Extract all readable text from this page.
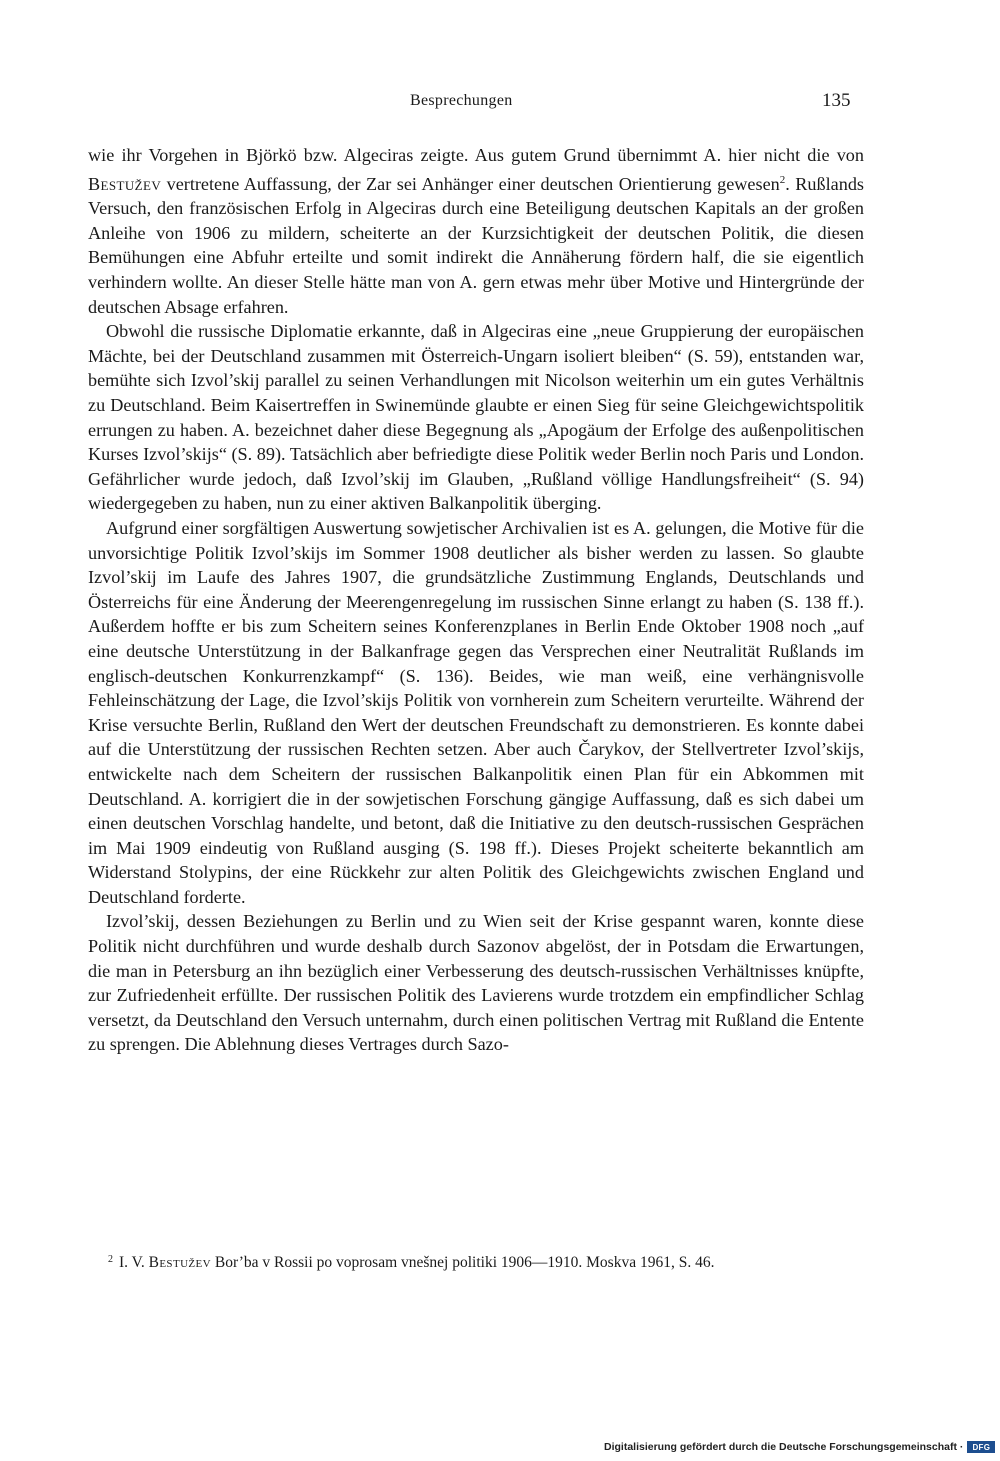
Besprechungen	135

wie ihr Vorgehen in Björkö bzw. Algeciras zeigte. Aus gutem Grund übernimmt A. hier nicht die von Bestužev vertretene Auffassung, der Zar sei Anhänger einer deutschen Orientierung gewesen$^2$. Rußlands Versuch, den französischen Erfolg in Algeciras durch eine Beteiligung deutschen Kapitals an der großen Anleihe von 1906 zu mildern, scheiterte an der Kurzsichtigkeit der deutschen Politik, die diesen Bemühungen eine Abfuhr erteilte und somit indirekt die Annäherung fördern half, die sie eigentlich verhindern wollte. An dieser Stelle hätte man von A. gern etwas mehr über Motive und Hintergründe der deutschen Absage erfahren.

Obwohl die russische Diplomatie erkannte, daß in Algeciras eine „neue Gruppierung der europäischen Mächte, bei der Deutschland zusammen mit Österreich-Ungarn isoliert bleiben“ (S. 59), entstanden war, bemühte sich Izvol’skij parallel zu seinen Verhandlungen mit Nicolson weiterhin um ein gutes Verhältnis zu Deutschland. Beim Kaisertreffen in Swinemünde glaubte er einen Sieg für seine Gleichgewichtspolitik errungen zu haben. A. bezeichnet daher diese Begegnung als „Apogäum der Erfolge des außenpolitischen Kurses Izvol’skijs“ (S. 89). Tatsächlich aber befriedigte diese Politik weder Berlin noch Paris und London. Gefährlicher wurde jedoch, daß Izvol’skij im Glauben, „Rußland völlige Handlungsfreiheit“ (S. 94) wiedergegeben zu haben, nun zu einer aktiven Balkanpolitik überging.

Aufgrund einer sorgfältigen Auswertung sowjetischer Archivalien ist es A. gelungen, die Motive für die unvorsichtige Politik Izvol’skijs im Sommer 1908 deutlicher als bisher werden zu lassen. So glaubte Izvol’skij im Laufe des Jahres 1907, die grundsätzliche Zustimmung Englands, Deutschlands und Österreichs für eine Änderung der Meerengenregelung im russischen Sinne erlangt zu haben (S. 138 ff.). Außerdem hoffte er bis zum Scheitern seines Konferenzplanes in Berlin Ende Oktober 1908 noch „auf eine deutsche Unterstützung in der Balkanfrage gegen das Versprechen einer Neutralität Rußlands im englisch-deutschen Konkurrenzkampf“ (S. 136). Beides, wie man weiß, eine verhängnisvolle Fehleinschätzung der Lage, die Izvol’skijs Politik von vornherein zum Scheitern verurteilte. Während der Krise versuchte Berlin, Rußland den Wert der deutschen Freundschaft zu demonstrieren. Es konnte dabei auf die Unterstützung der russischen Rechten setzen. Aber auch Čarykov, der Stellvertreter Izvol’skijs, entwickelte nach dem Scheitern der russischen Balkanpolitik einen Plan für ein Abkommen mit Deutschland. A. korrigiert die in der sowjetischen Forschung gängige Auffassung, daß es sich dabei um einen deutschen Vorschlag handelte, und betont, daß die Initiative zu den deutsch-russischen Gesprächen im Mai 1909 eindeutig von Rußland ausging (S. 198 ff.). Dieses Projekt scheiterte bekanntlich am Widerstand Stolypins, der eine Rückkehr zur alten Politik des Gleichgewichts zwischen England und Deutschland forderte.

Izvol’skij, dessen Beziehungen zu Berlin und zu Wien seit der Krise gespannt waren, konnte diese Politik nicht durchführen und wurde deshalb durch Sazonov abgelöst, der in Potsdam die Erwartungen, die man in Petersburg an ihn bezüglich einer Verbesserung des deutsch-russischen Verhältnisses knüpfte, zur Zufriedenheit erfüllte. Der russischen Politik des Lavierens wurde trotzdem ein empfindlicher Schlag versetzt, da Deutschland den Versuch unternahm, durch einen politischen Vertrag mit Rußland die Entente zu sprengen. Die Ablehnung dieses Vertrages durch Sazo-

$^2$ I. V. Bestužev Bor’ba v Rossii po voprosam vnešnej politiki 1906—1910. Moskva 1961, S. 46.
Digitalisierung gefördert durch die Deutsche Forschungsgemeinschaft ·	DFG
